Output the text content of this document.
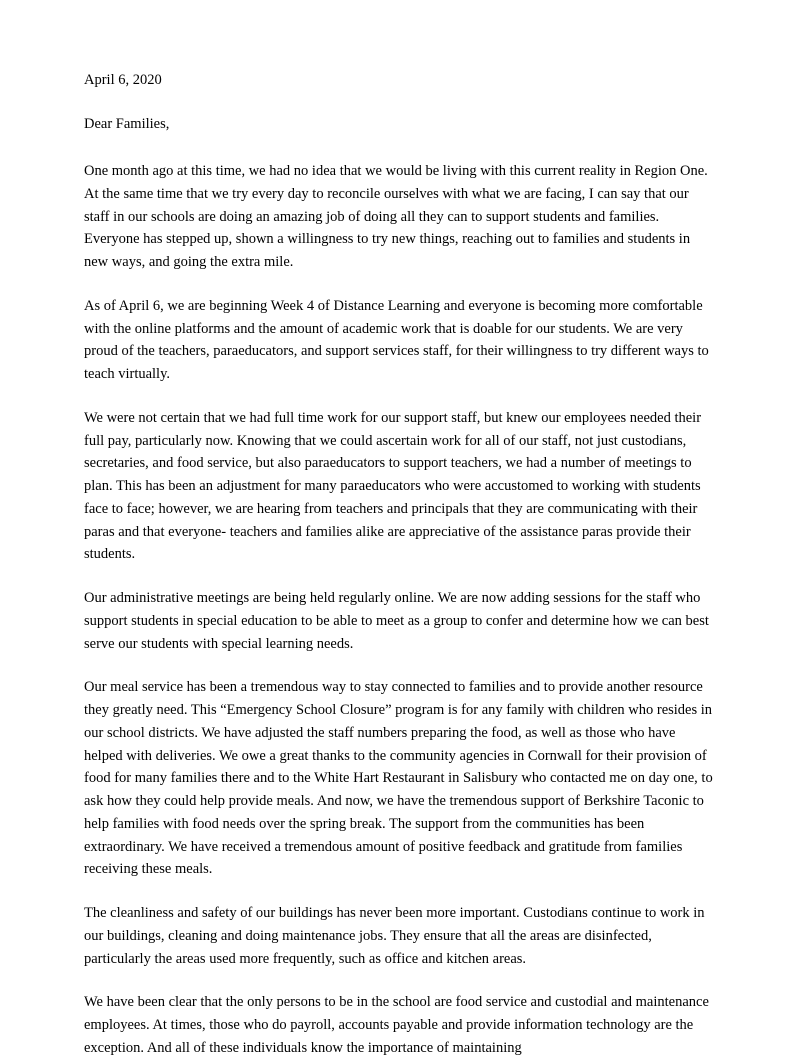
April 6, 2020
Dear Families,

One month ago at this time, we had no idea that we would be living with this current reality in Region One. At the same time that we try every day to reconcile ourselves with what we are facing, I can say that our staff in our schools are doing an amazing job of doing all they can to support students and families. Everyone has stepped up, shown a willingness to try new things, reaching out to families and students in new ways, and going the extra mile.

As of April 6, we are beginning Week 4 of Distance Learning and everyone is becoming more comfortable with the online platforms and the amount of academic work that is doable for our students. We are very proud of the teachers, paraeducators, and support services staff, for their willingness to try different ways to teach virtually.

We were not certain that we had full time work for our support staff, but knew our employees needed their full pay, particularly now. Knowing that we could ascertain work for all of our staff, not just custodians, secretaries, and food service, but also paraeducators to support teachers, we had a number of meetings to plan. This has been an adjustment for many paraeducators who were accustomed to working with students face to face; however, we are hearing from teachers and principals that they are communicating with their paras and that everyone- teachers and families alike are appreciative of the assistance paras provide their students.

Our administrative meetings are being held regularly online. We are now adding sessions for the staff who support students in special education to be able to meet as a group to confer and determine how we can best serve our students with special learning needs.

Our meal service has been a tremendous way to stay connected to families and to provide another resource they greatly need. This “Emergency School Closure” program is for any family with children who resides in our school districts. We have adjusted the staff numbers preparing the food, as well as those who have helped with deliveries. We owe a great thanks to the community agencies in Cornwall for their provision of food for many families there and to the White Hart Restaurant in Salisbury who contacted me on day one, to ask how they could help provide meals. And now, we have the tremendous support of Berkshire Taconic to help families with food needs over the spring break. The support from the communities has been extraordinary. We have received a tremendous amount of positive feedback and gratitude from families receiving these meals.

The cleanliness and safety of our buildings has never been more important. Custodians continue to work in our buildings, cleaning and doing maintenance jobs. They ensure that all the areas are disinfected, particularly the areas used more frequently, such as office and kitchen areas.

We have been clear that the only persons to be in the school are food service and custodial and maintenance employees. At times, those who do payroll, accounts payable and provide information technology are the exception. And all of these individuals know the importance of maintaining
